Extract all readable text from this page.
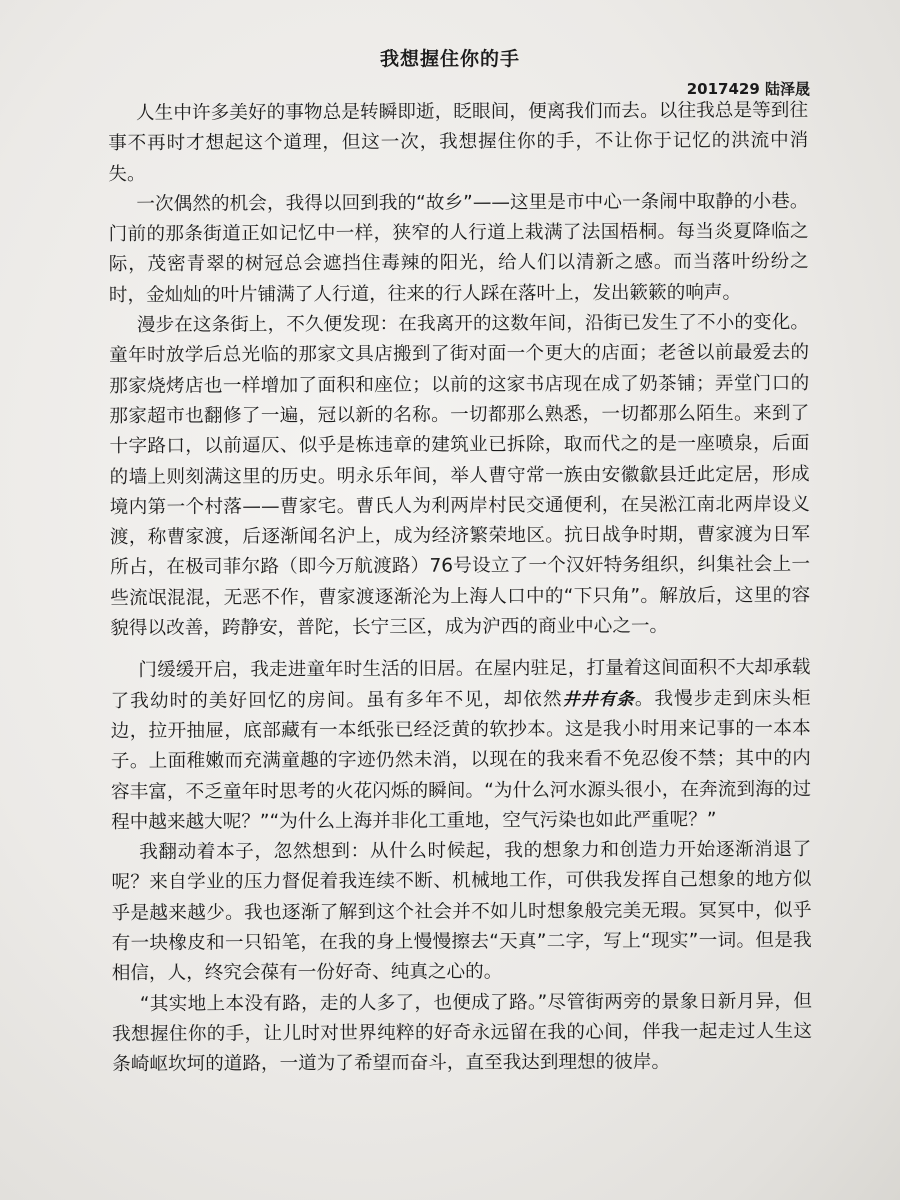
我想握住你的手
2017429 陆泽晟

人生中许多美好的事物总是转瞬即逝，眨眼间，便离我们而去。以往我总是等到往事不再时才想起这个道理，但这一次，我想握住你的手，不让你于记忆的洪流中消失。

一次偶然的机会，我得以回到我的“故乡”——这里是市中心一条闹中取静的小巷。门前的那条街道正如记忆中一样，狭窄的人行道上栽满了法国梧桐。每当炎夏降临之际，茂密青翠的树冠总会遮挡住毒辣的阳光，给人们以清新之感。而当落叶纷纷之时，金灿灿的叶片铺满了人行道，往来的行人踩在落叶上，发出簌簌的响声。

漫步在这条街上，不久便发现：在我离开的这数年间，沿街已发生了不小的变化。童年时放学后总光临的那家文具店搬到了街对面一个更大的店面；老爸以前最爱去的那家烧烤店也一样增加了面积和座位；以前的这家书店现在成了奶茶铺；弄堂门口的那家超市也翻修了一遍，冠以新的名称。一切都那么熟悉，一切都那么陌生。来到了十字路口，以前逼仄、似乎是栋违章的建筑业已拆除，取而代之的是一座喷泉，后面的墙上则刻满这里的历史。明永乐年间，举人曹守常一族由安徽歙县迁此定居，形成境内第一个村落——曹家宅。曹氏人为利两岸村民交通便利，在吴淞江南北两岸设义渡，称曹家渡，后逐渐闻名沪上，成为经济繁荣地区。抗日战争时期，曹家渡为日军所占，在极司菲尔路（即今万航渡路）76号设立了一个汉奸特务组织，纠集社会上一些流氓混混，无恶不作，曹家渡逐渐沦为上海人口中的“下只角”。解放后，这里的容貌得以改善，跨静安，普陀，长宁三区，成为沪西的商业中心之一。

门缓缓开启，我走进童年时生活的旧居。在屋内驻足，打量着这间面积不大却承载了我幼时的美好回忆的房间。虽有多年不见，却依然井井有条。我慢步走到床头柜边，拉开抽屉，底部藏有一本纸张已经泛黄的软抄本。这是我小时用来记事的一本本子。上面稚嫩而充满童趣的字迹仍然未消，以现在的我来看不免忍俊不禁；其中的内容丰富，不乏童年时思考的火花闪烁的瞬间。“为什么河水源头很小，在奔流到海的过程中越来越大呢？”“为什么上海并非化工重地，空气污染也如此严重呢？”

我翻动着本子，忽然想到：从什么时候起，我的想象力和创造力开始逐渐消退了呢？来自学业的压力督促着我连续不断、机械地工作，可供我发挥自己想象的地方似乎是越来越少。我也逐渐了解到这个社会并不如儿时想象般完美无瑕。冥冥中，似乎有一块橡皮和一只铅笔，在我的身上慢慢擦去“天真”二字，写上“现实”一词。但是我相信，人，终究会葆有一份好奇、纯真之心的。

“其实地上本没有路，走的人多了，也便成了路。”尽管街两旁的景象日新月异，但我想握住你的手，让儿时对世界纯粹的好奇永远留在我的心间，伴我一起走过人生这条崎岖坎坷的道路，一道为了希望而奋斗，直至我达到理想的彼岸。
